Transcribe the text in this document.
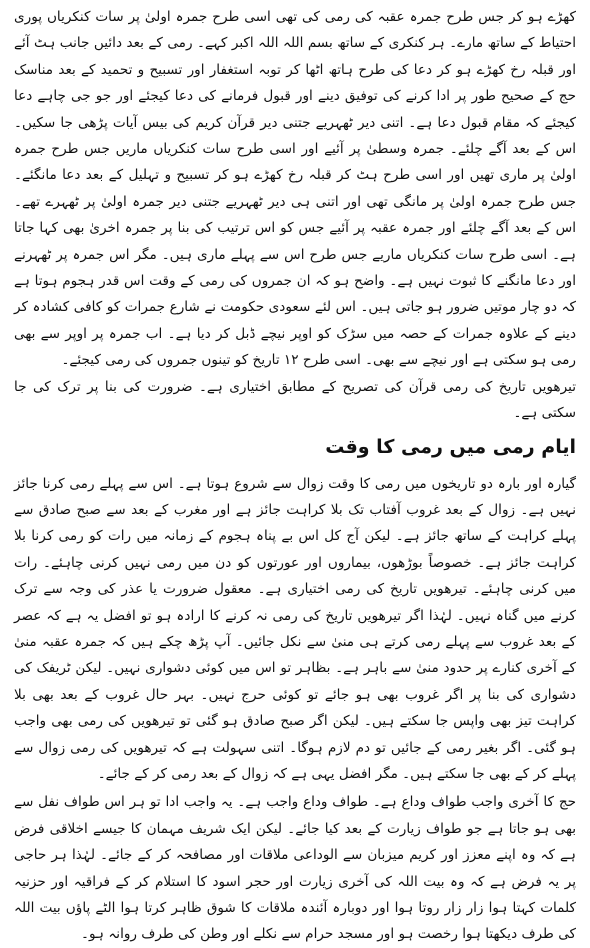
کھڑے ہو کر جس طرح جمرہ عقبہ کی رمی کی تھی اسی طرح جمرہ اولیٰ پر سات کنکریاں پوری احتیاط کے ساتھ مارے۔ ہر کنکری کے ساتھ بسم اللہ اللہ اکبر کہے۔ رمی کے بعد دائیں جانب ہٹ آئے اور قبلہ رخ کھڑے ہو کر دعا کی طرح ہاتھ اٹھا کر توبہ استغفار اور تسبیح و تحمید کے بعد مناسک حج کے صحیح طور پر ادا کرنے کی توفیق دینے اور قبول فرمانے کی دعا کیجئے اور جو جی چاہے دعا کیجئے کہ مقام قبول دعا ہے۔ اتنی دیر ٹھہریے جتنی دیر قرآن کریم کی بیس آیات پڑھی جا سکیں۔ اس کے بعد آگے چلئے۔ جمرہ وسطیٰ پر آئیے اور اسی طرح سات کنکریاں ماریں جس طرح جمرہ اولیٰ پر ماری تھیں اور اسی طرح ہٹ کر قبلہ رخ کھڑے ہو کر تسبیح و تہلیل کے بعد دعا مانگئے۔ جس طرح جمرہ اولیٰ پر مانگی تھی اور اتنی ہی دیر ٹھہریے جتنی دیر جمرہ اولیٰ پر ٹھہرے تھے۔ اس کے بعد آگے چلئے اور جمرہ عقبہ پر آئیے جس کو اس ترتیب کی بنا پر جمرہ اخریٰ بھی کہا جاتا ہے۔ اسی طرح سات کنکریاں ماریے جس طرح اس سے پہلے ماری ہیں۔ مگر اس جمرہ پر ٹھہرنے اور دعا مانگنے کا ثبوت نہیں ہے۔ واضح ہو کہ ان جمروں کی رمی کے وقت اس قدر ہجوم ہوتا ہے کہ دو چار موتیں ضرور ہو جاتی ہیں۔ اس لئے سعودی حکومت نے شارع جمرات کو کافی کشادہ کر دینے کے علاوہ جمرات کے حصہ میں سڑک کو اوپر نیچے ڈبل کر دیا ہے۔ اب جمرہ پر اوپر سے بھی رمی ہو سکتی ہے اور نیچے سے بھی۔ اسی طرح ۱۲ تاریخ کو تینوں جمروں کی رمی کیجئے۔

تیرھویں تاریخ کی رمی قرآن کی تصریح کے مطابق اختیاری ہے۔ ضرورت کی بنا پر ترک کی جا سکتی ہے۔

ایام رمی میں رمی کا وقت

گیارہ اور بارہ دو تاریخوں میں رمی کا وقت زوال سے شروع ہوتا ہے۔ اس سے پہلے رمی کرنا جائز نہیں ہے۔ زوال کے بعد غروب آفتاب تک بلا کراہت جائز ہے اور مغرب کے بعد سے صبح صادق سے پہلے کراہت کے ساتھ جائز ہے۔ لیکن آج کل اس بے پناہ ہجوم کے زمانہ میں رات کو رمی کرنا بلا کراہت جائز ہے۔ خصوصاً بوڑھوں، بیماروں اور عورتوں کو دن میں رمی نہیں کرنی چاہئے۔ رات میں کرنی چاہئے۔ تیرھویں تاریخ کی رمی اختیاری ہے۔ معقول ضرورت یا عذر کی وجہ سے ترک کرنے میں گناہ نہیں۔ لہٰذا اگر تیرھویں تاریخ کی رمی نہ کرنے کا ارادہ ہو تو افضل یہ ہے کہ عصر کے بعد غروب سے پہلے رمی کرتے ہی منیٰ سے نکل جائیں۔ آپ پڑھ چکے ہیں کہ جمرہ عقبہ منیٰ کے آخری کنارے پر حدود منیٰ سے باہر ہے۔ بظاہر تو اس میں کوئی دشواری نہیں۔ لیکن ٹریفک کی دشواری کی بنا پر اگر غروب بھی ہو جائے تو کوئی حرج نہیں۔ بہر حال غروب کے بعد بھی بلا کراہت تیز بھی واپس جا سکتے ہیں۔ لیکن اگر صبح صادق ہو گئی تو تیرھویں کی رمی بھی واجب ہو گئی۔ اگر بغیر رمی کے جائیں تو دم لازم ہوگا۔ اتنی سہولت ہے کہ تیرھویں کی رمی زوال سے پہلے کر کے بھی جا سکتے ہیں۔ مگر افضل یہی ہے کہ زوال کے بعد رمی کر کے جائے۔

حج کا آخری واجب طواف وداع ہے۔ طواف وداع واجب ہے۔ یہ واجب ادا تو ہر اس طواف نفل سے بھی ہو جاتا ہے جو طواف زیارت کے بعد کیا جائے۔ لیکن ایک شریف مہمان کا جیسے اخلاقی فرض ہے کہ وہ اپنے معزز اور کریم میزبان سے الوداعی ملاقات اور مصافحہ کر کے جائے۔ لہٰذا ہر حاجی پر یہ فرض ہے کہ وہ بیت اللہ کی آخری زیارت اور حجر اسود کا استلام کر کے فراقیہ اور حزنیہ کلمات کہتا ہوا زار زار روتا ہوا اور دوبارہ آئندہ ملاقات کا شوق ظاہر کرتا ہوا الٹے پاؤں بیت اللہ کی طرف دیکھتا ہوا رخصت ہو اور مسجد حرام سے نکلے اور وطن کی طرف روانہ ہو۔
